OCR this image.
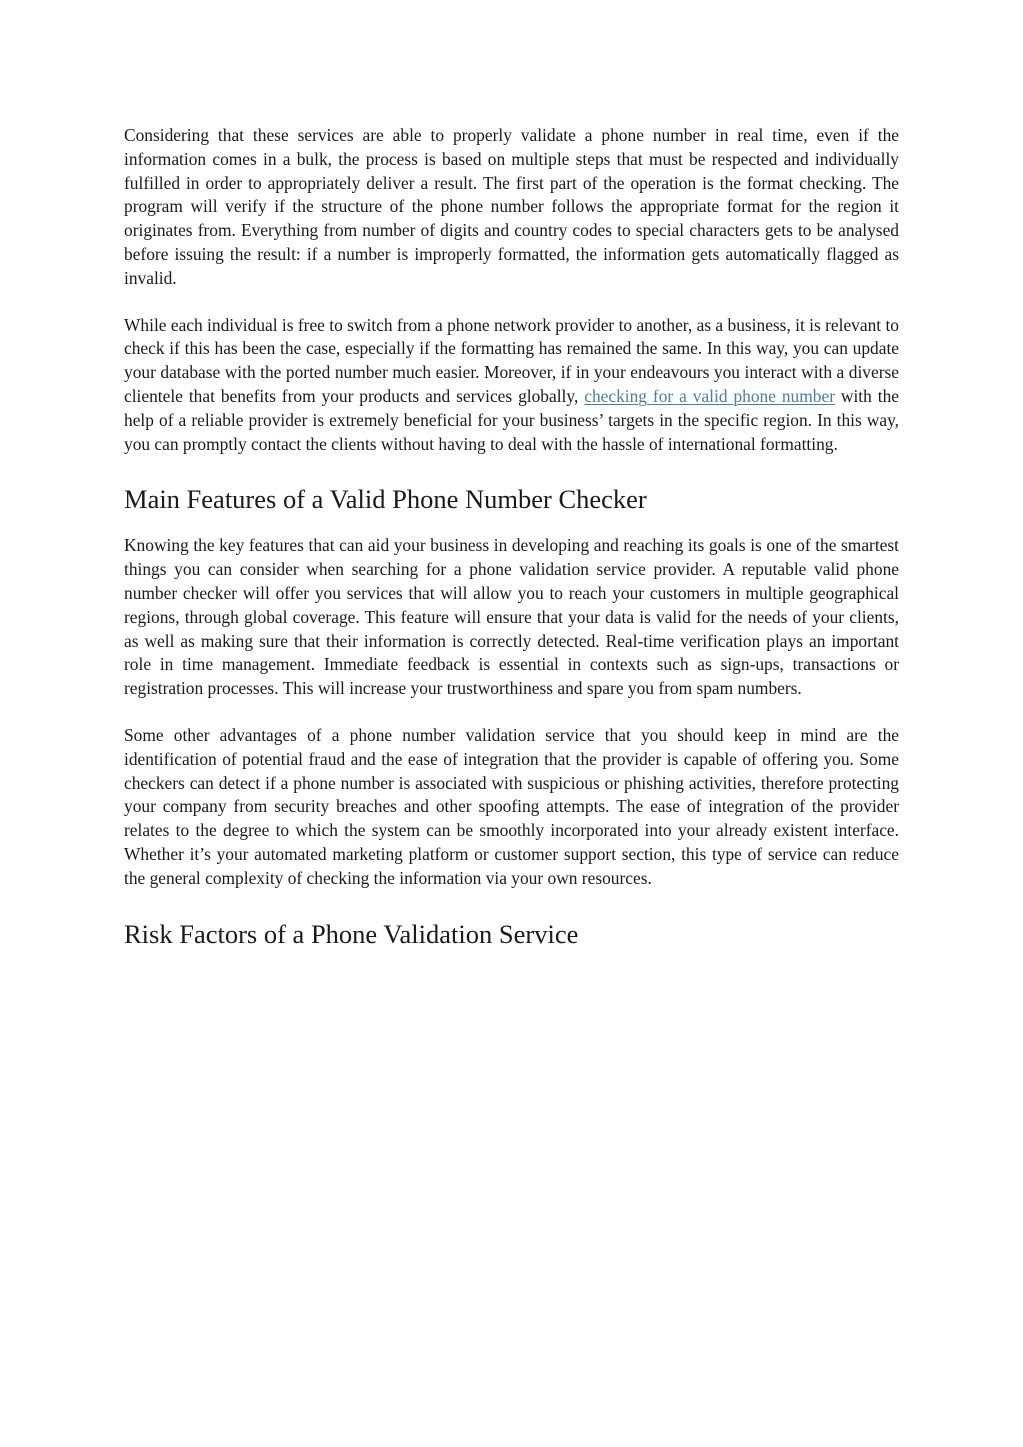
Considering that these services are able to properly validate a phone number in real time, even if the information comes in a bulk, the process is based on multiple steps that must be respected and individually fulfilled in order to appropriately deliver a result. The first part of the operation is the format checking. The program will verify if the structure of the phone number follows the appropriate format for the region it originates from. Everything from number of digits and country codes to special characters gets to be analysed before issuing the result: if a number is improperly formatted, the information gets automatically flagged as invalid.

While each individual is free to switch from a phone network provider to another, as a business, it is relevant to check if this has been the case, especially if the formatting has remained the same. In this way, you can update your database with the ported number much easier. Moreover, if in your endeavours you interact with a diverse clientele that benefits from your products and services globally, checking for a valid phone number with the help of a reliable provider is extremely beneficial for your business’ targets in the specific region. In this way, you can promptly contact the clients without having to deal with the hassle of international formatting.

Main Features of a Valid Phone Number Checker

Knowing the key features that can aid your business in developing and reaching its goals is one of the smartest things you can consider when searching for a phone validation service provider. A reputable valid phone number checker will offer you services that will allow you to reach your customers in multiple geographical regions, through global coverage. This feature will ensure that your data is valid for the needs of your clients, as well as making sure that their information is correctly detected. Real-time verification plays an important role in time management. Immediate feedback is essential in contexts such as sign-ups, transactions or registration processes. This will increase your trustworthiness and spare you from spam numbers.

Some other advantages of a phone number validation service that you should keep in mind are the identification of potential fraud and the ease of integration that the provider is capable of offering you. Some checkers can detect if a phone number is associated with suspicious or phishing activities, therefore protecting your company from security breaches and other spoofing attempts. The ease of integration of the provider relates to the degree to which the system can be smoothly incorporated into your already existent interface. Whether it’s your automated marketing platform or customer support section, this type of service can reduce the general complexity of checking the information via your own resources.

Risk Factors of a Phone Validation Service
